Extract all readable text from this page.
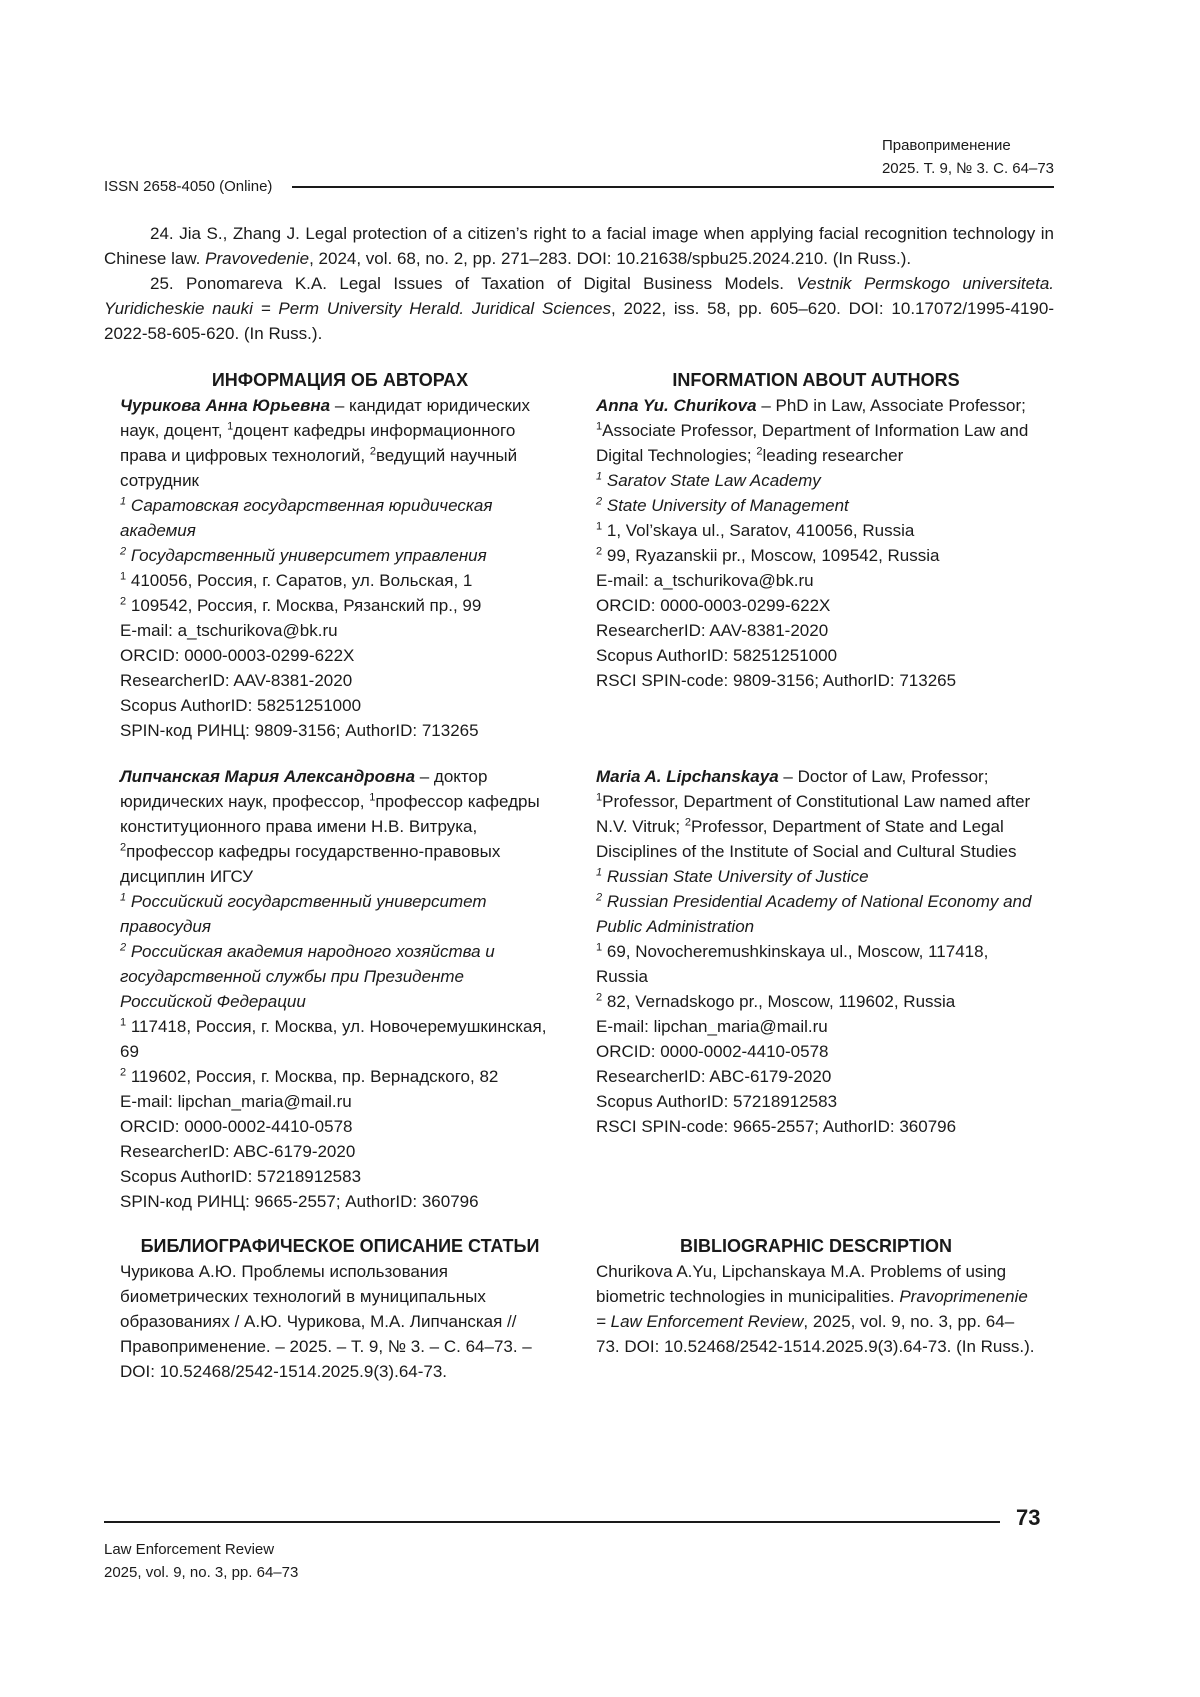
Правоприменение
2025. Т. 9, № 3. С. 64–73
ISSN 2658-4050 (Online)

24. Jia S., Zhang J. Legal protection of a citizen’s right to a facial image when applying facial recognition technology in Chinese law. Pravovedenie, 2024, vol. 68, no. 2, pp. 271–283. DOI: 10.21638/spbu25.2024.210. (In Russ.).

25. Ponomareva K.A. Legal Issues of Taxation of Digital Business Models. Vestnik Permskogo universiteta. Yuridicheskie nauki = Perm University Herald. Juridical Sciences, 2022, iss. 58, pp. 605–620. DOI: 10.17072/1995-4190-2022-58-605-620. (In Russ.).

ИНФОРМАЦИЯ ОБ АВТОРАХ

Чурикова Анна Юрьевна – кандидат юридических наук, доцент, 1доцент кафедры информационного права и цифровых технологий, 2ведущий научный сотрудник

1 Саратовская государственная юридическая академия

2 Государственный университет управления

1 410056, Россия, г. Саратов, ул. Вольская, 1

2 109542, Россия, г. Москва, Рязанский пр., 99

E-mail: a_tschurikova@bk.ru

ORCID: 0000-0003-0299-622X

ResearcherID: AAV-8381-2020

Scopus AuthorID: 58251251000

SPIN-код РИНЦ: 9809-3156; AuthorID: 713265

Липчанская Мария Александровна – доктор юридических наук, профессор, 1профессор кафедры конституционного права имени Н.В. Витрука, 2профессор кафедры государственно-правовых дисциплин ИГСУ

1 Российский государственный университет правосудия

2 Российская академия народного хозяйства и государственной службы при Президенте Российской Федерации

1 117418, Россия, г. Москва, ул. Новочеремушкинская, 69

2 119602, Россия, г. Москва, пр. Вернадского, 82

E-mail: lipchan_maria@mail.ru

ORCID: 0000-0002-4410-0578

ResearcherID: ABC-6179-2020

Scopus AuthorID: 57218912583

SPIN-код РИНЦ: 9665-2557; AuthorID: 360796

БИБЛИОГРАФИЧЕСКОЕ ОПИСАНИЕ СТАТЬИ

Чурикова А.Ю. Проблемы использования биометрических технологий в муниципальных образованиях / А.Ю. Чурикова, М.А. Липчанская // Правоприменение. – 2025. – Т. 9, № 3. – С. 64–73. – DOI: 10.52468/2542-1514.2025.9(3).64-73.

INFORMATION ABOUT AUTHORS

Anna Yu. Churikova – PhD in Law, Associate Professor; 1Associate Professor, Department of Information Law and Digital Technologies; 2leading researcher

1 Saratov State Law Academy

2 State University of Management

1 1, Vol’skaya ul., Saratov, 410056, Russia

2 99, Ryazanskii pr., Moscow, 109542, Russia

E-mail: a_tschurikova@bk.ru

ORCID: 0000-0003-0299-622X

ResearcherID: AAV-8381-2020

Scopus AuthorID: 58251251000

RSCI SPIN-code: 9809-3156; AuthorID: 713265

Maria A. Lipchanskaya – Doctor of Law, Professor; 1Professor, Department of Constitutional Law named after N.V. Vitruk; 2Professor, Department of State and Legal Disciplines of the Institute of Social and Cultural Studies

1 Russian State University of Justice

2 Russian Presidential Academy of National Economy and Public Administration

1 69, Novocheremushkinskaya ul., Moscow, 117418, Russia

2 82, Vernadskogo pr., Moscow, 119602, Russia

E-mail: lipchan_maria@mail.ru

ORCID: 0000-0002-4410-0578

ResearcherID: ABC-6179-2020

Scopus AuthorID: 57218912583

RSCI SPIN-code: 9665-2557; AuthorID: 360796

BIBLIOGRAPHIC DESCRIPTION

Churikova A.Yu, Lipchanskaya M.A. Problems of using biometric technologies in municipalities. Pravoprimenenie = Law Enforcement Review, 2025, vol. 9, no. 3, pp. 64–73. DOI: 10.52468/2542-1514.2025.9(3).64-73. (In Russ.).

73
Law Enforcement Review
2025, vol. 9, no. 3, pp. 64–73
